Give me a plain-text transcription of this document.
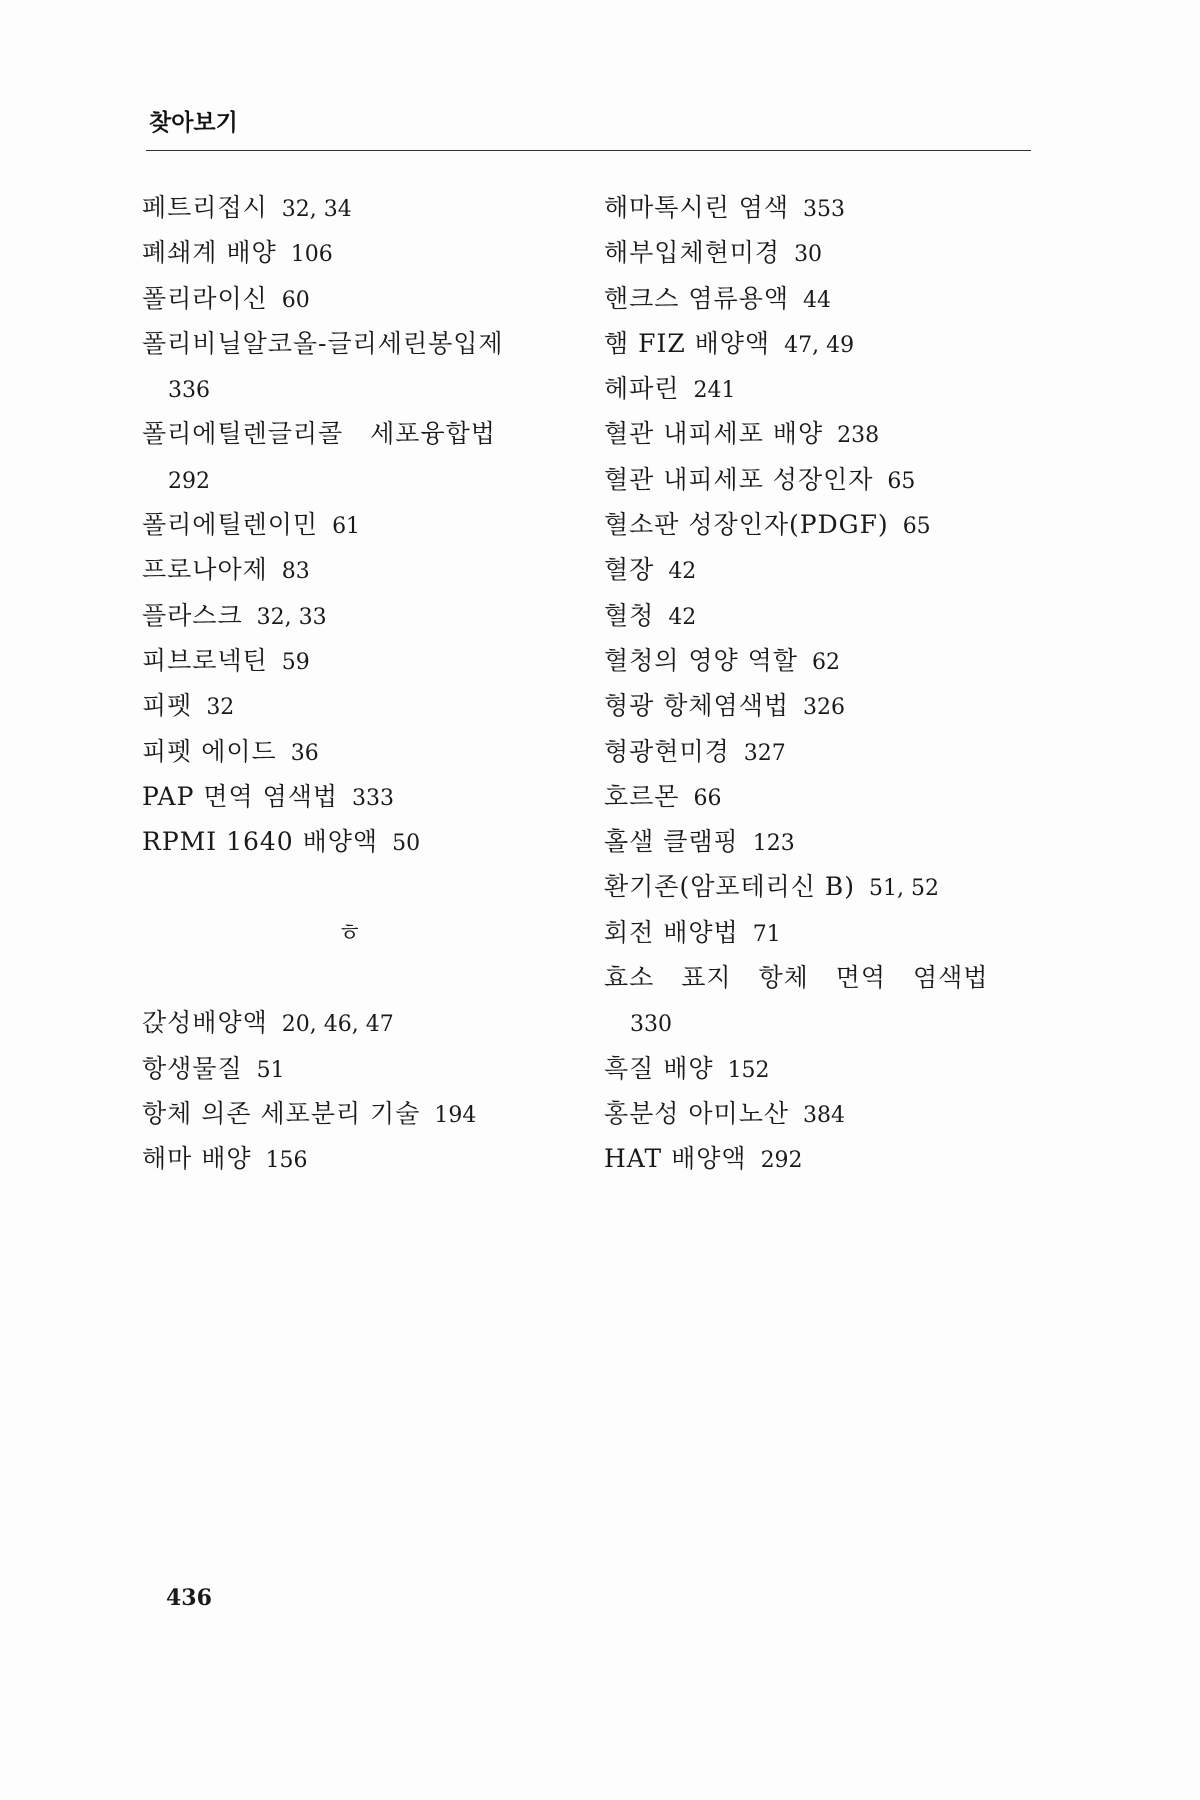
찾아보기
페트리접시 32, 34
폐쇄계 배양 106
폴리라이신 60
폴리비닐알코올-글리세린봉입제
336
폴리에틸렌글리콜 세포융합법
292
폴리에틸렌이민 61
프로나아제 83
플라스크 32, 33
피브로넥틴 59
피펫 32
피펫 에이드 36
PAP 면역 염색법 333
RPMI 1640 배양액 50
ㅎ
갅성배양액 20, 46, 47
항생물질 51
항체 의존 세포분리 기술 194
해마 배양 156
해마톡시린 염색 353
해부입체현미경 30
핸크스 염류용액 44
햄 FIZ 배양액 47, 49
헤파린 241
혈관 내피세포 배양 238
혈관 내피세포 성장인자 65
혈소판 성장인자(PDGF) 65
혈장 42
혈청 42
혈청의 영양 역할 62
형광 항체염색법 326
형광현미경 327
호르몬 66
홀샐 클램핑 123
환기존(암포테리신 B) 51, 52
회전 배양법 71
효소 표지 항체 면역 염색법
330
흑질 배양 152
홍분성 아미노산 384
HAT 배양액 292
436
